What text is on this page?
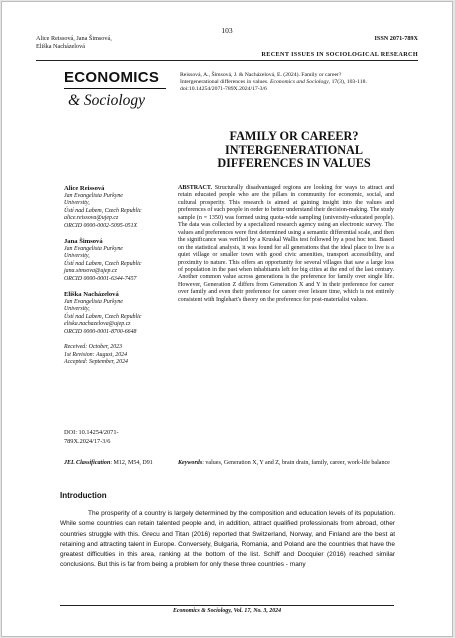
103
Alice Reissová, Jana Šimsová,
Eliška Nacházelová
ISSN 2071-789X
RECENT ISSUES IN SOCIOLOGICAL RESEARCH
ECONOMICS
& Sociology
Reissová, A., Šimsová, J. & Nacházelová, E. (2024). Family or career?
Intergenerational differences in values. Economics and Sociology, 17(3), 103-118.
doi:10.14254/2071-789X.2024/17-3/6
FAMILY OR CAREER?
INTERGENERATIONAL
DIFFERENCES IN VALUES
Alice Reissová
Jan Evangelista Purkyne
University,
Ústí nad Labem, Czech Republic
alice.reissova@ujep.cz
ORCID 0000-0002-5095-051X
Jana Šimsová
Jan Evangelista Purkyne
University,
Ústí nad Labem, Czech Republic
jana.simsova@ujep.cz
ORCID 0000-0001-6344-7457
Eliška Nacházelová
Jan Evangelista Purkyne
University,
Ústí nad Labem, Czech Republic
eliska.nachazelova@ujep.cz
ORCID 0000-0001-8700-6648
Received: October, 2023
1st Revision: August, 2024
Accepted: September, 2024
ABSTRACT. Structurally disadvantaged regions are looking for ways to attract and retain educated people who are the pillars in community for economic, social, and cultural prosperity. This research is aimed at gaining insight into the values and preferences of such people in order to better understand their decision-making. The study sample (n = 1350) was formed using quota-wide sampling (university-educated people). The data was collected by a specialized research agency using an electronic survey. The values and preferences were first determined using a semantic differential scale, and then the significance was verified by a Kruskal Wallis test followed by a post hoc test. Based on the statistical analysis, it was found for all generations that the ideal place to live is a quiet village or smaller town with good civic amenities, transport accessibility, and proximity to nature. This offers an opportunity for several villages that saw a large loss of population in the past when inhabitants left for big cities at the end of the last century. Another common value across generations is the preference for family over single life. However, Generation Z differs from Generation X and Y in their preference for career over family and even their preference for career over leisure time, which is not entirely consistent with Inglehart's theory on the preference for post-materialist values.
DOI: 10.14254/2071-
789X.2024/17-3/6
JEL Classification: M12, M54, D91	Keywords: values, Generation X, Y and Z, brain drain, family, career, work-life balance
Introduction
The prosperity of a country is largely determined by the composition and education levels of its population. While some countries can retain talented people and, in addition, attract qualified professionals from abroad, other countries struggle with this. Grecu and Titan (2016) reported that Switzerland, Norway, and Finland are the best at retaining and attracting talent in Europe. Conversely, Bulgaria, Romania, and Poland are the countries that have the greatest difficulties in this area, ranking at the bottom of the list. Schiff and Docquier (2016) reached similar conclusions. But this is far from being a problem for only these three countries - many
Economics & Sociology, Vol. 17, No. 3, 2024
